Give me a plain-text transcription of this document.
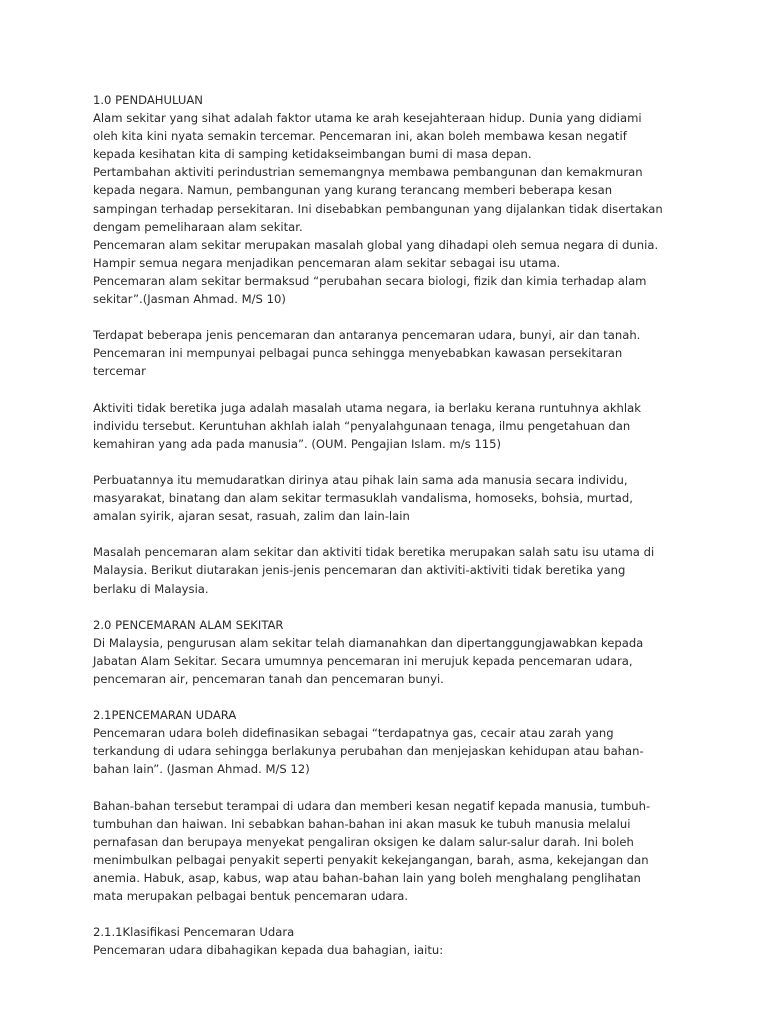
1.0 PENDAHULUAN
Alam sekitar yang sihat adalah faktor utama ke arah kesejahteraan hidup. Dunia yang didiami
oleh kita kini nyata semakin tercemar. Pencemaran ini, akan boleh membawa kesan negatif
kepada kesihatan kita di samping ketidakseimbangan bumi di masa depan.
Pertambahan aktiviti perindustrian sememangnya membawa pembangunan dan kemakmuran
kepada negara. Namun, pembangunan yang kurang terancang memberi beberapa kesan
sampingan terhadap persekitaran. Ini disebabkan pembangunan yang dijalankan tidak disertakan
dengam pemeliharaan alam sekitar.
Pencemaran alam sekitar merupakan masalah global yang dihadapi oleh semua negara di dunia.
Hampir semua negara menjadikan pencemaran alam sekitar sebagai isu utama.
Pencemaran alam sekitar bermaksud “perubahan secara biologi, fizik dan kimia terhadap alam
sekitar”.(Jasman Ahmad. M/S 10)
Terdapat beberapa jenis pencemaran dan antaranya pencemaran udara, bunyi, air dan tanah.
Pencemaran ini mempunyai pelbagai punca sehingga menyebabkan kawasan persekitaran
tercemar
Aktiviti tidak beretika juga adalah masalah utama negara, ia berlaku kerana runtuhnya akhlak
individu tersebut. Keruntuhan akhlah ialah “penyalahgunaan tenaga, ilmu pengetahuan dan
kemahiran yang ada pada manusia”. (OUM. Pengajian Islam. m/s 115)
Perbuatannya itu memudaratkan dirinya atau pihak lain sama ada manusia secara individu,
masyarakat, binatang dan alam sekitar termasuklah vandalisma, homoseks, bohsia, murtad,
amalan syirik, ajaran sesat, rasuah, zalim dan lain-lain
Masalah pencemaran alam sekitar dan aktiviti tidak beretika merupakan salah satu isu utama di
Malaysia. Berikut diutarakan jenis-jenis pencemaran dan aktiviti-aktiviti tidak beretika yang
berlaku di Malaysia.
2.0 PENCEMARAN ALAM SEKITAR
Di Malaysia, pengurusan alam sekitar telah diamanahkan dan dipertanggungjawabkan kepada
Jabatan Alam Sekitar. Secara umumnya pencemaran ini merujuk kepada pencemaran udara,
pencemaran air, pencemaran tanah dan pencemaran bunyi.
2.1PENCEMARAN UDARA
Pencemaran udara boleh didefinasikan sebagai “terdapatnya gas, cecair atau zarah yang
terkandung di udara sehingga berlakunya perubahan dan menjejaskan kehidupan atau bahan-
bahan lain”. (Jasman Ahmad. M/S 12)
Bahan-bahan tersebut terampai di udara dan memberi kesan negatif kepada manusia, tumbuh-
tumbuhan dan haiwan. Ini sebabkan bahan-bahan ini akan masuk ke tubuh manusia melalui
pernafasan dan berupaya menyekat pengaliran oksigen ke dalam salur-salur darah. Ini boleh
menimbulkan pelbagai penyakit seperti penyakit kekejangangan, barah, asma, kekejangan dan
anemia. Habuk, asap, kabus, wap atau bahan-bahan lain yang boleh menghalang penglihatan
mata merupakan pelbagai bentuk pencemaran udara.
2.1.1Klasifikasi Pencemaran Udara
Pencemaran udara dibahagikan kepada dua bahagian, iaitu:
